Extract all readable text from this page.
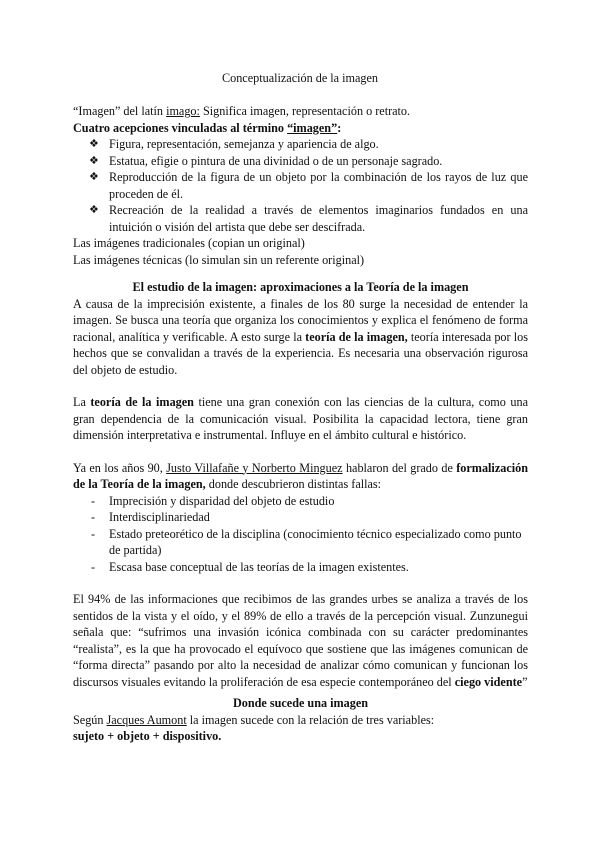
Conceptualización de la imagen

“Imagen” del latín imago: Significa imagen, representación o retrato.

Cuatro acepciones vinculadas al término “imagen”:

❖ Figura, representación, semejanza y apariencia de algo.
❖ Estatua, efigie o pintura de una divinidad o de un personaje sagrado.
❖ Reproducción de la figura de un objeto por la combinación de los rayos de luz que proceden de él.
❖ Recreación de la realidad a través de elementos imaginarios fundados en una intuición o visión del artista que debe ser descifrada.

Las imágenes tradicionales (copian un original)

Las imágenes técnicas (lo simulan sin un referente original)

El estudio de la imagen: aproximaciones a la Teoría de la imagen

A causa de la imprecisión existente, a finales de los 80 surge la necesidad de entender la imagen. Se busca una teoría que organiza los conocimientos y explica el fenómeno de forma racional, analítica y verificable. A esto surge la teoría de la imagen, teoría interesada por los hechos que se convalidan a través de la experiencia. Es necesaria una observación rigurosa del objeto de estudio.

La teoría de la imagen tiene una gran conexión con las ciencias de la cultura, como una gran dependencia de la comunicación visual. Posibilita la capacidad lectora, tiene gran dimensión interpretativa e instrumental. Influye en el ámbito cultural e histórico.

Ya en los años 90, Justo Villafañe y Norberto Minguez hablaron del grado de formalización de la Teoría de la imagen, donde descubrieron distintas fallas:

- Imprecisión y disparidad del objeto de estudio
- Interdisciplinariedad
- Estado preteorético de la disciplina (conocimiento técnico especializado como punto de partida)
- Escasa base conceptual de las teorías de la imagen existentes.

El 94% de las informaciones que recibimos de las grandes urbes se analiza a través de los sentidos de la vista y el oído, y el 89% de ello a través de la percepción visual. Zunzunegui señala que: “sufrimos una invasión icónica combinada con su carácter predominantes “realista”, es la que ha provocado el equívoco que sostiene que las imágenes comunican de “forma directa” pasando por alto la necesidad de analizar cómo comunican y funcionan los discursos visuales evitando la proliferación de esa especie contemporáneo del ciego vidente”

Donde sucede una imagen

Según Jacques Aumont la imagen sucede con la relación de tres variables:

sujeto + objeto + dispositivo.
